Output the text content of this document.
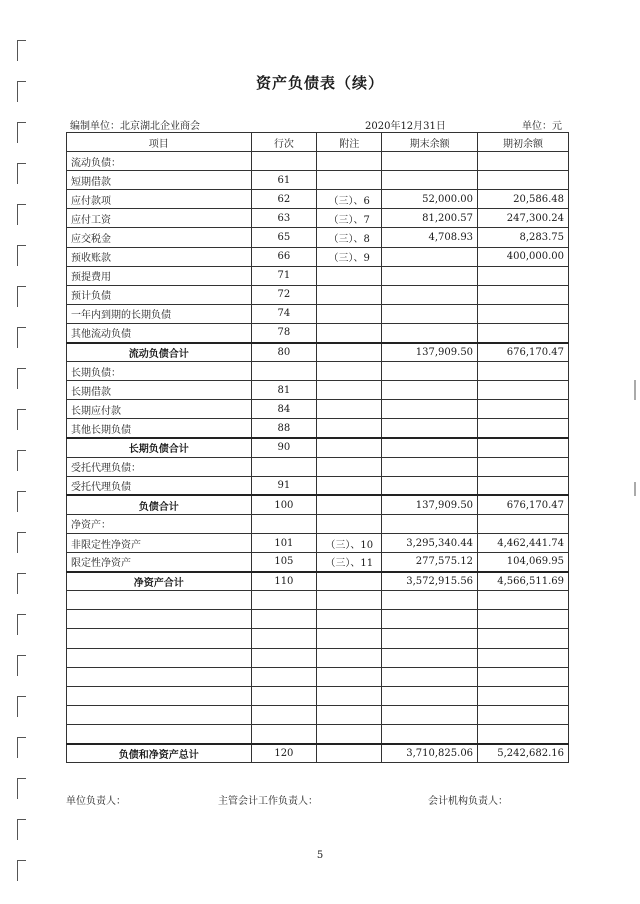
资产负债表（续）
编制单位：北京湖北企业商会	2020年12月31日	单位：元
项目	行次	附注	期末余额	期初余额
流动负债：				
短期借款	61			
应付款项	62	（三）、6	52,000.00	20,586.48
应付工资	63	（三）、7	81,200.57	247,300.24
应交税金	65	（三）、8	4,708.93	8,283.75
预收账款	66	（三）、9		400,000.00
预提费用	71			
预计负债	72			
一年内到期的长期负债	74			
其他流动负债	78			
流动负债合计	80		137,909.50	676,170.47
长期负债：				
长期借款	81			
长期应付款	84			
其他长期负债	88			
长期负债合计	90			
受托代理负债：				
受托代理负债	91			
负债合计	100		137,909.50	676,170.47
净资产：				
非限定性净资产	101	（三）、10	3,295,340.44	4,462,441.74
限定性净资产	105	（三）、11	277,575.12	104,069.95
净资产合计	110		3,572,915.56	4,566,511.69

负债和净资产总计	120		3,710,825.06	5,242,682.16
单位负责人：	主管会计工作负责人：	会计机构负责人：
5
